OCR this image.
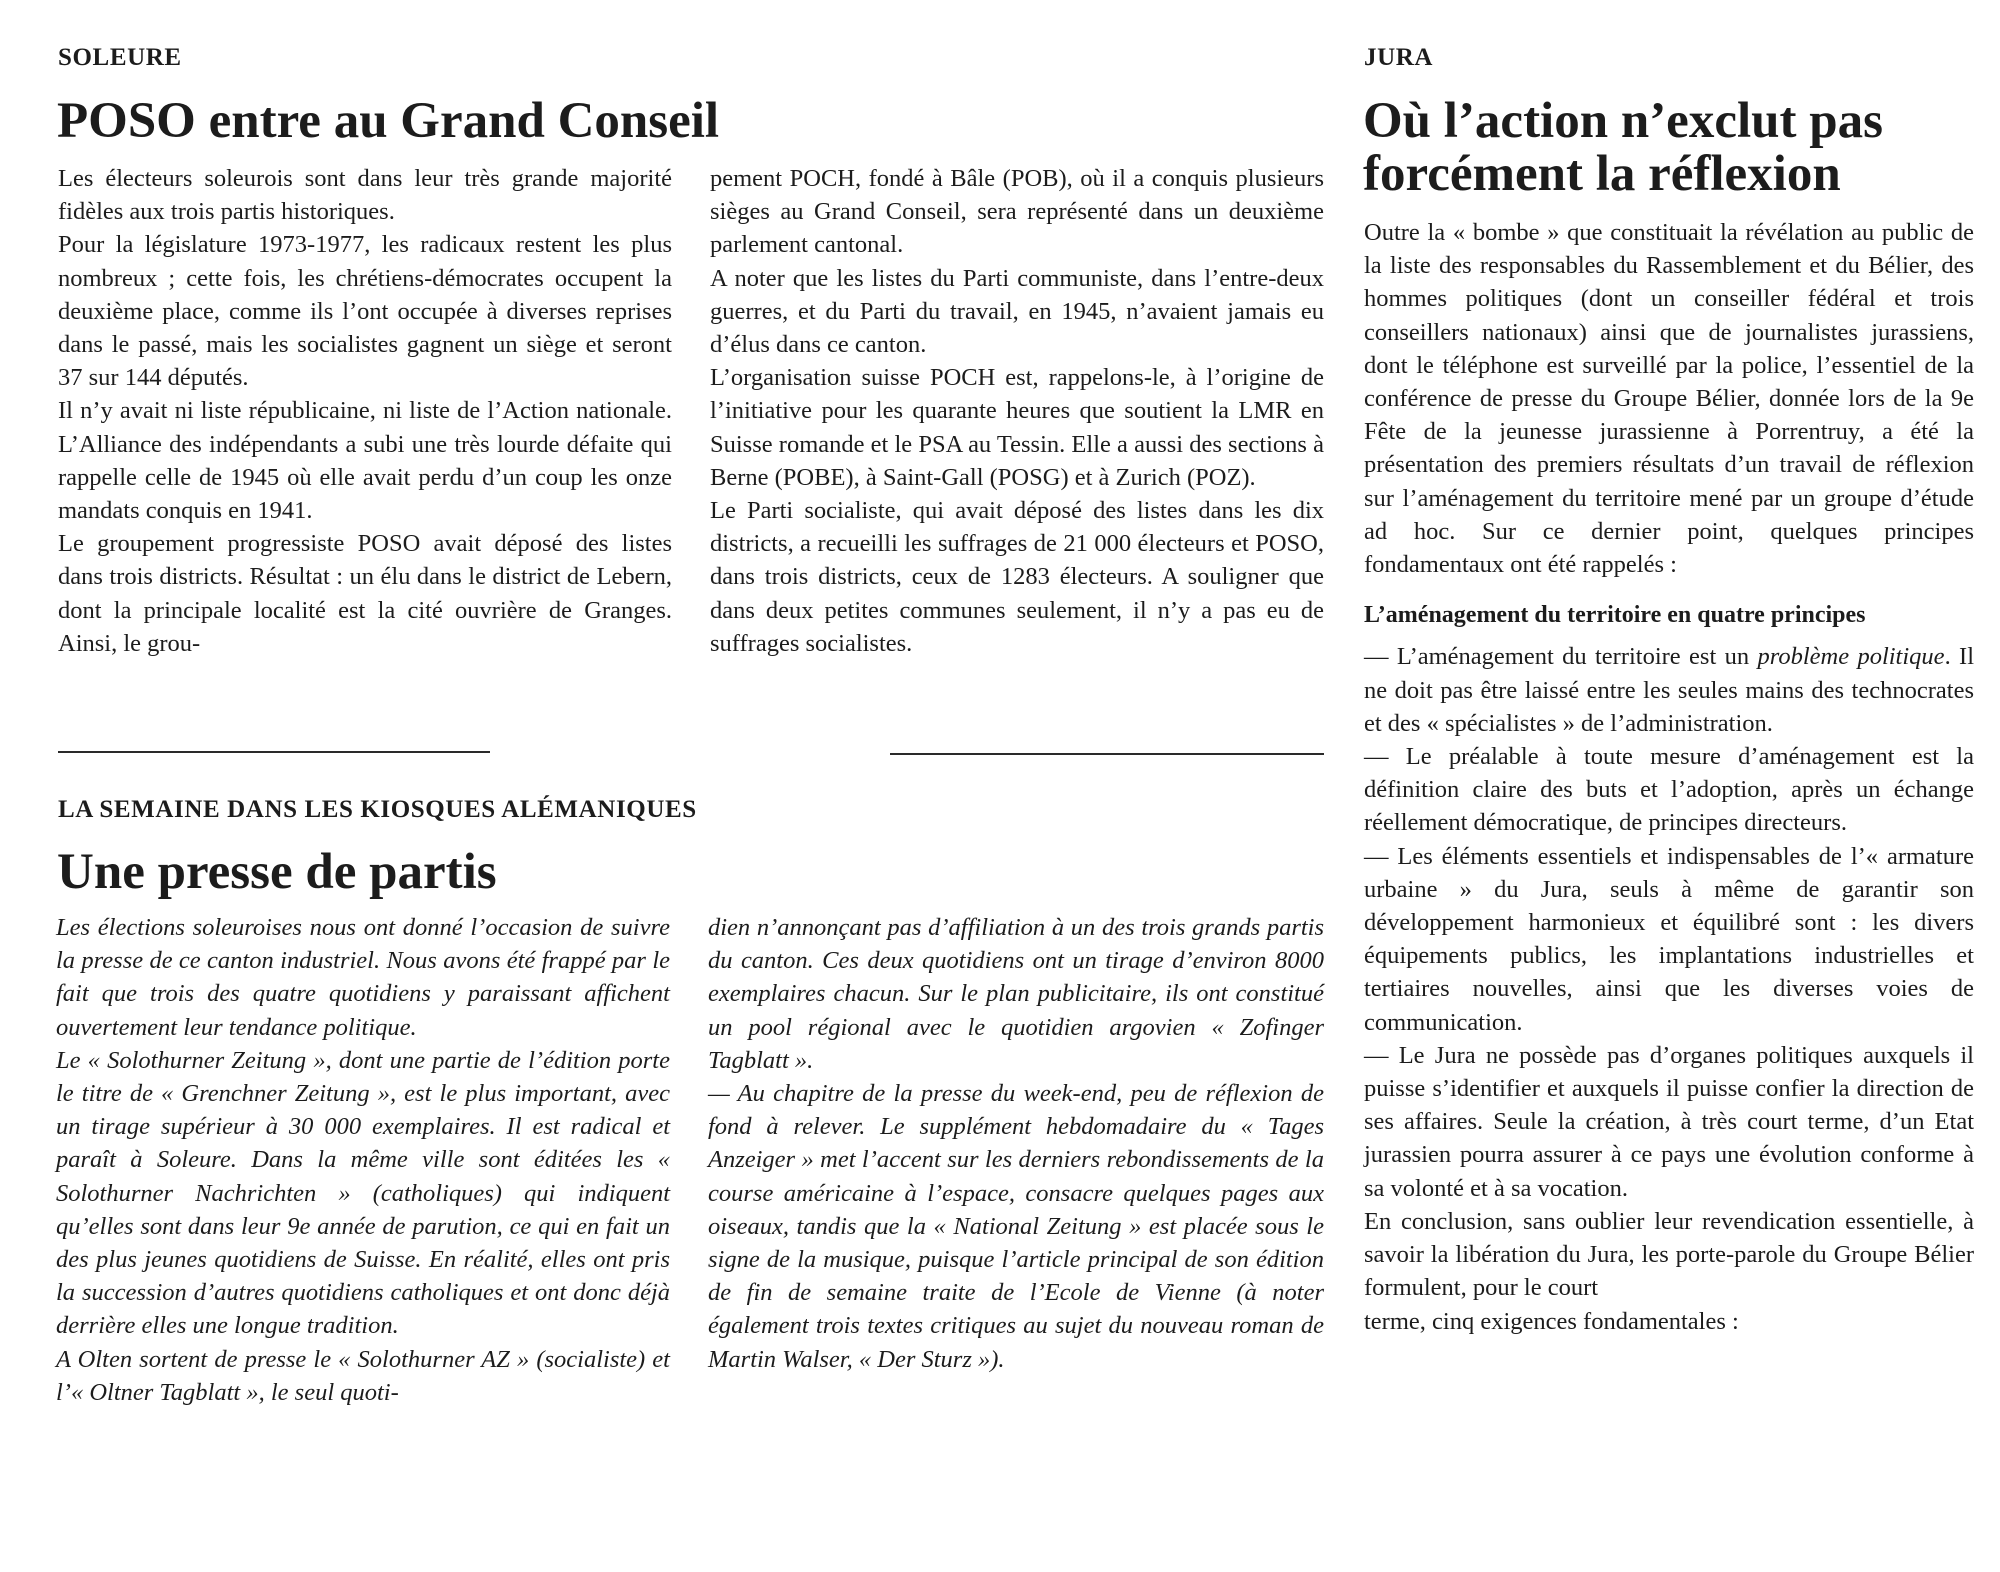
SOLEURE
POSO entre au Grand Conseil

Les électeurs soleurois sont dans leur très grande majorité fidèles aux trois partis historiques.

Pour la législature 1973-1977, les radicaux restent les plus nombreux ; cette fois, les chrétiens-démocrates occupent la deuxième place, comme ils l’ont occupée à diverses reprises dans le passé, mais les socialistes gagnent un siège et seront 37 sur 144 députés.

Il n’y avait ni liste républicaine, ni liste de l’Action nationale. L’Alliance des indépendants a subi une très lourde défaite qui rappelle celle de 1945 où elle avait perdu d’un coup les onze mandats conquis en 1941.

Le groupement progressiste POSO avait déposé des listes dans trois districts. Résultat : un élu dans le district de Lebern, dont la principale localité est la cité ouvrière de Granges. Ainsi, le grou-

pement POCH, fondé à Bâle (POB), où il a conquis plusieurs sièges au Grand Conseil, sera représenté dans un deuxième parlement cantonal.

A noter que les listes du Parti communiste, dans l’entre-deux guerres, et du Parti du travail, en 1945, n’avaient jamais eu d’élus dans ce canton.

L’organisation suisse POCH est, rappelons-le, à l’origine de l’initiative pour les quarante heures que soutient la LMR en Suisse romande et le PSA au Tessin. Elle a aussi des sections à Berne (POBE), à Saint-Gall (POSG) et à Zurich (POZ).

Le Parti socialiste, qui avait déposé des listes dans les dix districts, a recueilli les suffrages de 21 000 électeurs et POSO, dans trois districts, ceux de 1283 électeurs. A souligner que dans deux petites communes seulement, il n’y a pas eu de suffrages socialistes.

LA SEMAINE DANS LES KIOSQUES ALÉMANIQUES
Une presse de partis

Les élections soleuroises nous ont donné l’occasion de suivre la presse de ce canton industriel. Nous avons été frappé par le fait que trois des quatre quotidiens y paraissant affichent ouvertement leur tendance politique.

Le « Solothurner Zeitung », dont une partie de l’édition porte le titre de « Grenchner Zeitung », est le plus important, avec un tirage supérieur à 30 000 exemplaires. Il est radical et paraît à Soleure. Dans la même ville sont éditées les « Solothurner Nachrichten » (catholiques) qui indiquent qu’elles sont dans leur 9e année de parution, ce qui en fait un des plus jeunes quotidiens de Suisse. En réalité, elles ont pris la succession d’autres quotidiens catholiques et ont donc déjà derrière elles une longue tradition.

A Olten sortent de presse le « Solothurner AZ » (socialiste) et l’« Oltner Tagblatt », le seul quoti-

dien n’annonçant pas d’affiliation à un des trois grands partis du canton. Ces deux quotidiens ont un tirage d’environ 8000 exemplaires chacun. Sur le plan publicitaire, ils ont constitué un pool régional avec le quotidien argovien « Zofinger Tagblatt ».

— Au chapitre de la presse du week-end, peu de réflexion de fond à relever. Le supplément hebdomadaire du « Tages Anzeiger » met l’accent sur les derniers rebondissements de la course américaine à l’espace, consacre quelques pages aux oiseaux, tandis que la « National Zeitung » est placée sous le signe de la musique, puisque l’article principal de son édition de fin de semaine traite de l’Ecole de Vienne (à noter également trois textes critiques au sujet du nouveau roman de Martin Walser, « Der Sturz »).

JURA
Où l’action n’exclut pas
forcément la réflexion

Outre la « bombe » que constituait la révélation au public de la liste des responsables du Rassemblement et du Bélier, des hommes politiques (dont un conseiller fédéral et trois conseillers nationaux) ainsi que de journalistes jurassiens, dont le téléphone est surveillé par la police, l’essentiel de la conférence de presse du Groupe Bélier, donnée lors de la 9e Fête de la jeunesse jurassienne à Porrentruy, a été la présentation des premiers résultats d’un travail de réflexion sur l’aménagement du territoire mené par un groupe d’étude ad hoc. Sur ce dernier point, quelques principes fondamentaux ont été rappelés :

L’aménagement du territoire en quatre principes

— L’aménagement du territoire est un problème politique. Il ne doit pas être laissé entre les seules mains des technocrates et des « spécialistes » de l’administration.

— Le préalable à toute mesure d’aménagement est la définition claire des buts et l’adoption, après un échange réellement démocratique, de principes directeurs.

— Les éléments essentiels et indispensables de l’« armature urbaine » du Jura, seuls à même de garantir son développement harmonieux et équilibré sont : les divers équipements publics, les implantations industrielles et tertiaires nouvelles, ainsi que les diverses voies de communication.

— Le Jura ne possède pas d’organes politiques auxquels il puisse s’identifier et auxquels il puisse confier la direction de ses affaires. Seule la création, à très court terme, d’un Etat jurassien pourra assurer à ce pays une évolution conforme à sa volonté et à sa vocation.

En conclusion, sans oublier leur revendication essentielle, à savoir la libération du Jura, les porte-parole du Groupe Bélier formulent, pour le court

terme, cinq exigences fondamentales :
